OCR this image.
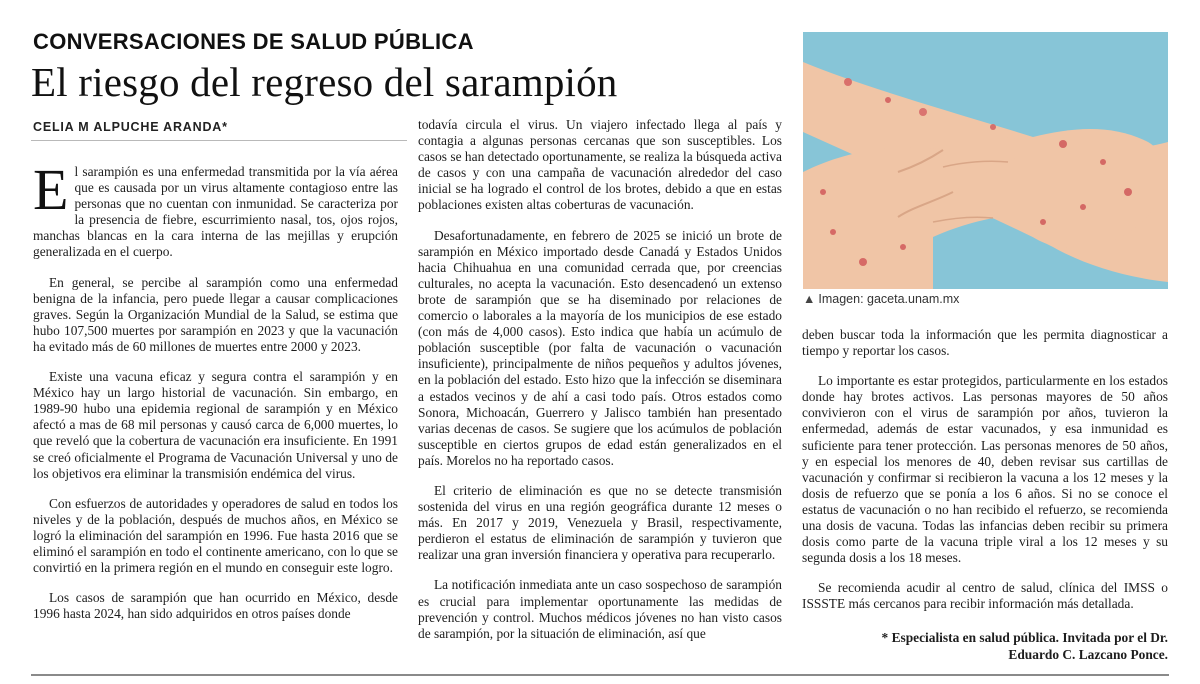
CONVERSACIONES DE SALUD PÚBLICA
El riesgo del regreso del sarampión
CELIA M ALPUCHE ARANDA*

El sarampión es una enfermedad transmitida por la vía aérea que es causada por un virus altamente contagioso entre las personas que no cuentan con inmunidad. Se caracteriza por la presencia de fiebre, escurrimiento nasal, tos, ojos rojos, manchas blancas en la cara interna de las mejillas y erupción generalizada en el cuerpo.

En general, se percibe al sarampión como una enfermedad benigna de la infancia, pero puede llegar a causar complicaciones graves. Según la Organización Mundial de la Salud, se estima que hubo 107,500 muertes por sarampión en 2023 y que la vacunación ha evitado más de 60 millones de muertes entre 2000 y 2023.

Existe una vacuna eficaz y segura contra el sarampión y en México hay un largo historial de vacunación. Sin embargo, en 1989-90 hubo una epidemia regional de sarampión y en México afectó a mas de 68 mil personas y causó carca de 6,000 muertes, lo que reveló que la cobertura de vacunación era insuficiente. En 1991 se creó oficialmente el Programa de Vacunación Universal y uno de los objetivos era eliminar la transmisión endémica del virus.

Con esfuerzos de autoridades y operadores de salud en todos los niveles y de la población, después de muchos años, en México se logró la eliminación del sarampión en 1996. Fue hasta 2016 que se eliminó el sarampión en todo el continente americano, con lo que se convirtió en la primera región en el mundo en conseguir este logro.

Los casos de sarampión que han ocurrido en México, desde 1996 hasta 2024, han sido adquiridos en otros países donde

todavía circula el virus. Un viajero infectado llega al país y contagia a algunas personas cercanas que son susceptibles. Los casos se han detectado oportunamente, se realiza la búsqueda activa de casos y con una campaña de vacunación alrededor del caso inicial se ha logrado el control de los brotes, debido a que en estas poblaciones existen altas coberturas de vacunación.

Desafortunadamente, en febrero de 2025 se inició un brote de sarampión en México importado desde Canadá y Estados Unidos hacia Chihuahua en una comunidad cerrada que, por creencias culturales, no acepta la vacunación. Esto desencadenó un extenso brote de sarampión que se ha diseminado por relaciones de comercio o laborales a la mayoría de los municipios de ese estado (con más de 4,000 casos). Esto indica que había un acúmulo de población susceptible (por falta de vacunación o vacunación insuficiente), principalmente de niños pequeños y adultos jóvenes, en la población del estado. Esto hizo que la infección se diseminara a estados vecinos y de ahí a casi todo país. Otros estados como Sonora, Michoacán, Guerrero y Jalisco también han presentado varias decenas de casos. Se sugiere que los acúmulos de población susceptible en ciertos grupos de edad están generalizados en el país. Morelos no ha reportado casos.

El criterio de eliminación es que no se detecte transmisión sostenida del virus en una región geográfica durante 12 meses o más. En 2017 y 2019, Venezuela y Brasil, respectivamente, perdieron el estatus de eliminación de sarampión y tuvieron que realizar una gran inversión financiera y operativa para recuperarlo.

La notificación inmediata ante un caso sospechoso de sarampión es crucial para implementar oportunamente las medidas de prevención y control. Muchos médicos jóvenes no han visto casos de sarampión, por la situación de eliminación, así que

▲ Imagen: gaceta.unam.mx

deben buscar toda la información que les permita diagnosticar a tiempo y reportar los casos.

Lo importante es estar protegidos, particularmente en los estados donde hay brotes activos. Las personas mayores de 50 años convivieron con el virus de sarampión por años, tuvieron la enfermedad, además de estar vacunados, y esa inmunidad es suficiente para tener protección. Las personas menores de 50 años, y en especial los menores de 40, deben revisar sus cartillas de vacunación y confirmar si recibieron la vacuna a los 12 meses y la dosis de refuerzo que se ponía a los 6 años. Si no se conoce el estatus de vacunación o no han recibido el refuerzo, se recomienda una dosis de vacuna. Todas las infancias deben recibir su primera dosis como parte de la vacuna triple viral a los 12 meses y su segunda dosis a los 18 meses.

Se recomienda acudir al centro de salud, clínica del IMSS o ISSSTE más cercanos para recibir información más detallada.

* Especialista en salud pública. Invitada por el Dr.
Eduardo C. Lazcano Ponce.
